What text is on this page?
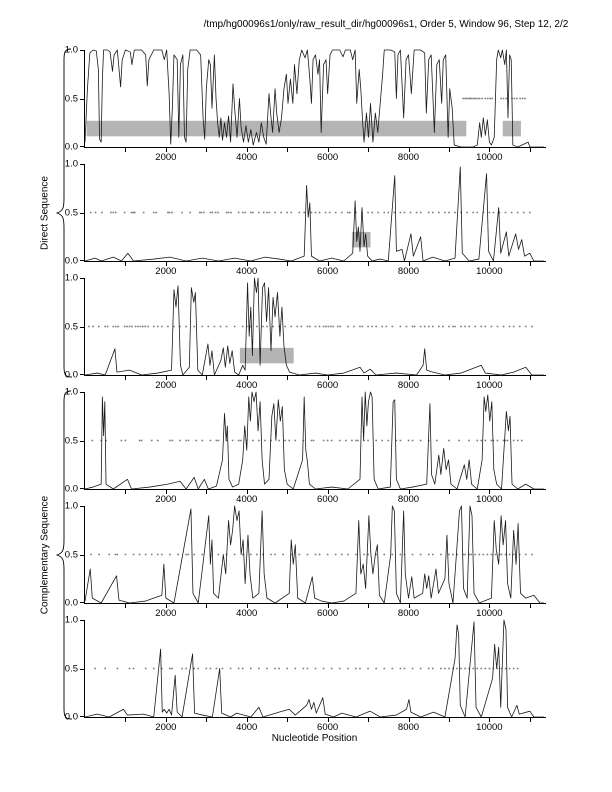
/tmp/hg00096s1/only/raw_result_dir/hg00096s1, Order 5, Window 96, Step 12, 2/2
Direct Sequence
Complementary Sequence
1.0
0.5
0.0
2000	4000	6000	8000	10000
1.0
0.5
0.0
2000	4000	6000	8000	10000
1.0
0.5
0.0
2000	4000	6000	8000	10000
1.0
0.5
0.0
2000	4000	6000	8000	10000
1.0
0.5
0.0
2000	4000	6000	8000	10000
1.0
0.5
0.0
2000	4000	6000	8000	10000
Nucleotide Position
